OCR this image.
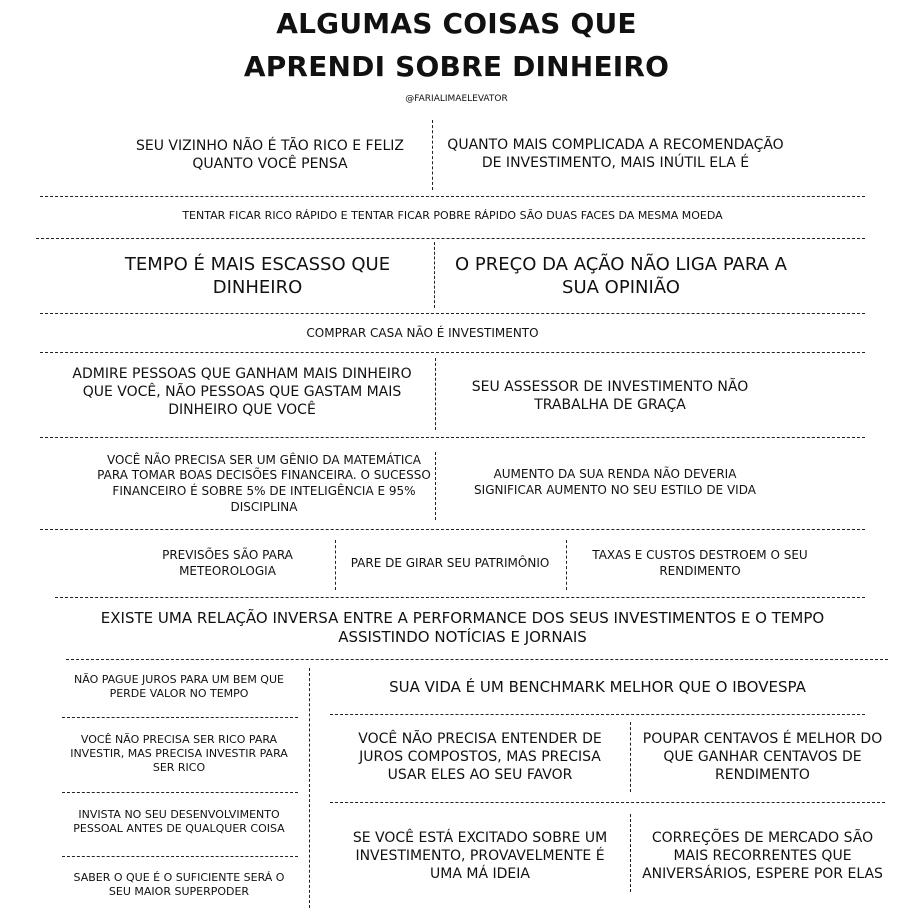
ALGUMAS COISAS QUE
APRENDI SOBRE DINHEIRO
@FARIALIMAELEVATOR
SEU VIZINHO NÃO É TÃO RICO E FELIZ QUANTO VOCÊ PENSA
QUANTO MAIS COMPLICADA A RECOMENDAÇÃO DE INVESTIMENTO, MAIS INÚTIL ELA É
TENTAR FICAR RICO RÁPIDO E TENTAR FICAR POBRE RÁPIDO SÃO DUAS FACES DA MESMA MOEDA
TEMPO É MAIS ESCASSO QUE DINHEIRO
O PREÇO DA AÇÃO NÃO LIGA PARA A SUA OPINIÃO
COMPRAR CASA NÃO É INVESTIMENTO
ADMIRE PESSOAS QUE GANHAM MAIS DINHEIRO QUE VOCÊ, NÃO PESSOAS QUE GASTAM MAIS DINHEIRO QUE VOCÊ
SEU ASSESSOR DE INVESTIMENTO NÃO TRABALHA DE GRAÇA
VOCÊ NÃO PRECISA SER UM GÊNIO DA MATEMÁTICA PARA TOMAR BOAS DECISÕES FINANCEIRA. O SUCESSO FINANCEIRO É SOBRE 5% DE INTELIGÊNCIA E 95% DISCIPLINA
AUMENTO DA SUA RENDA NÃO DEVERIA SIGNIFICAR AUMENTO NO SEU ESTILO DE VIDA
PREVISÕES SÃO PARA METEOROLOGIA
PARE DE GIRAR SEU PATRIMÔNIO
TAXAS E CUSTOS DESTROEM O SEU RENDIMENTO
EXISTE UMA RELAÇÃO INVERSA ENTRE A PERFORMANCE DOS SEUS INVESTIMENTOS E O TEMPO ASSISTINDO NOTÍCIAS E JORNAIS
NÃO PAGUE JUROS PARA UM BEM QUE PERDE VALOR NO TEMPO
VOCÊ NÃO PRECISA SER RICO PARA INVESTIR, MAS PRECISA INVESTIR PARA SER RICO
INVISTA NO SEU DESENVOLVIMENTO PESSOAL ANTES DE QUALQUER COISA
SABER O QUE É O SUFICIENTE SERÁ O SEU MAIOR SUPERPODER
SUA VIDA É UM BENCHMARK MELHOR QUE O IBOVESPA
VOCÊ NÃO PRECISA ENTENDER DE JUROS COMPOSTOS, MAS PRECISA USAR ELES AO SEU FAVOR
POUPAR CENTAVOS É MELHOR DO QUE GANHAR CENTAVOS DE RENDIMENTO
SE VOCÊ ESTÁ EXCITADO SOBRE UM INVESTIMENTO, PROVAVELMENTE É UMA MÁ IDEIA
CORREÇÕES DE MERCADO SÃO MAIS RECORRENTES QUE ANIVERSÁRIOS, ESPERE POR ELAS
